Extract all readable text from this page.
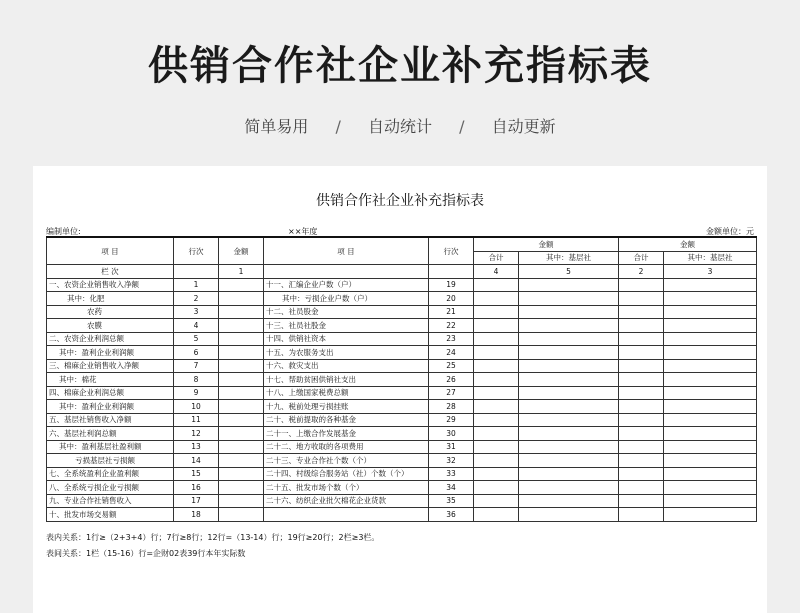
供销合作社企业补充指标表
简单易用 / 自动统计 / 自动更新
供销合作社企业补充指标表
编制单位:	××年度	金额单位：元
项 目	行次	金额	项 目	行次	金额		金额	
					合计	其中：基层社	合计	其中：基层社
栏 次		1			4	5	2	3
一、农资企业销售收入净额	1		十一、汇编企业户数（户）	19				
其中：化肥	2		其中：亏损企业户数（户）	20				
农药	3		十二、社员股金	21				
农膜	4		十三、社员社股金	22				
二、农资企业利润总额	5		十四、供销社资本	23				
其中：盈利企业利润额	6		十五、为农服务支出	24				
三、棉麻企业销售收入净额	7		十六、救灾支出	25				
其中：棉花	8		十七、帮助贫困供销社支出	26				
四、棉麻企业利润总额	9		十八、上缴国家税费总额	27				
其中：盈利企业利润额	10		十九、税前处理亏损挂账	28				
五、基层社销售收入净额	11		二十、税前提取的各种基金	29				
六、基层社利润总额	12		二十一、上缴合作发展基金	30				
其中：盈利基层社盈利额	13		二十二、地方收取的各项费用	31				
亏损基层社亏损额	14		二十三、专业合作社个数（个）	32				
七、全系统盈利企业盈利额	15		二十四、村级综合服务站（社）个数（个）	33				
八、全系统亏损企业亏损额	16		二十五、批发市场个数（个）	34				
九、专业合作社销售收入	17		二十六、纺织企业批欠棉花企业货款	35				
十、批发市场交易额	18			36				
表内关系：1行≥（2+3+4）行；7行≥8行；12行=（13-14）行；19行≥20行；2栏≥3栏。
表间关系：1栏（15-16）行=企财02表39行本年实际数
